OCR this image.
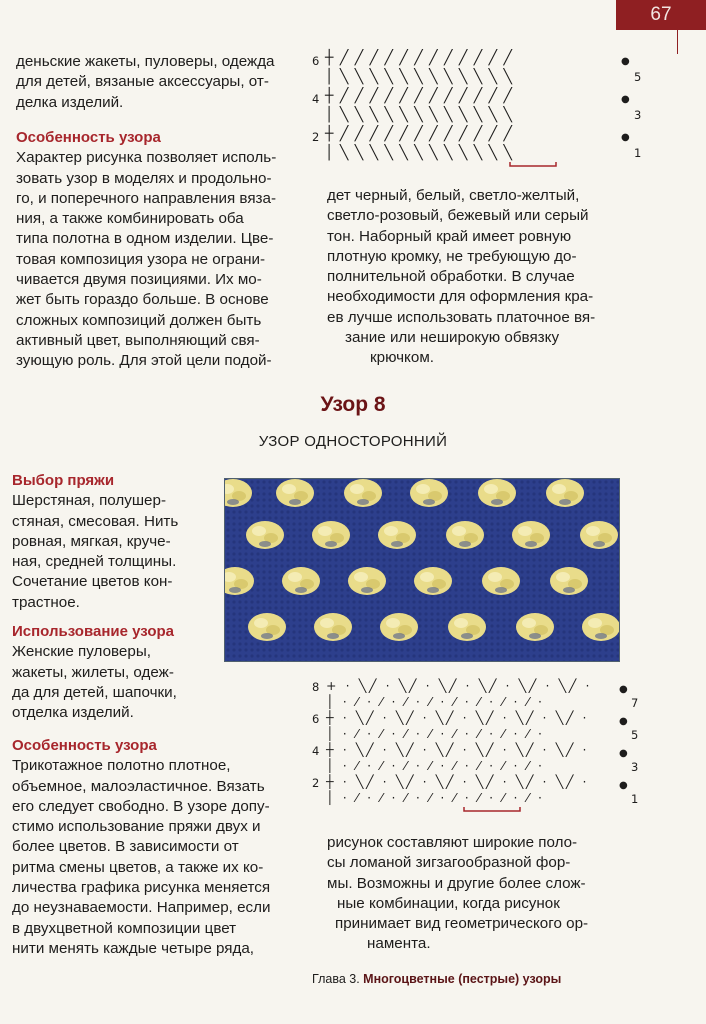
67

деньские жакеты, пуловеры, одежда

для детей, вязаные аксессуары, от-

делка изделий.

Особенность узора

Характер рисунка позволяет исполь-

зовать узор в моделях и продольно-

го, и поперечного направления вяза-

ния, а также комбинировать оба

типа полотна в одном изделии. Цве-

товая композиция узора не ограни-

чивается двумя позициями. Их мо-

жет быть гораздо больше. В основе

сложных композиций должен быть

активный цвет, выполняющий свя-

зующую роль. Для этой цели подой-

6
4
2
┼ ╱ ╱ ╱ ╱ ╱ ╱ ╱ ╱ ╱ ╱ ╱ ╱
│ ╲ ╲ ╲ ╲ ╲ ╲ ╲ ╲ ╲ ╲ ╲ ╲
┼ ╱ ╱ ╱ ╱ ╱ ╱ ╱ ╱ ╱ ╱ ╱ ╱
│ ╲ ╲ ╲ ╲ ╲ ╲ ╲ ╲ ╲ ╲ ╲ ╲
┼ ╱ ╱ ╱ ╱ ╱ ╱ ╱ ╱ ╱ ╱ ╱ ╱
│ ╲ ╲ ╲ ╲ ╲ ╲ ╲ ╲ ╲ ╲ ╲ ╲
●
●
●
5
3
1

дет черный, белый, светло-желтый,

светло-розовый, бежевый или серый

тон. Наборный край имеет ровную

плотную кромку, не требующую до-

полнительной обработки. В случае

необходимости для оформления кра-

ев лучше использовать платочное вя-

зание или неширокую обвязку

крючком.

Узор 8
УЗОР ОДНОСТОРОННИЙ

Выбор пряжи

Шерстяная, полушер-

стяная, смесовая. Нить

ровная, мягкая, круче-

ная, средней толщины.

Сочетание цветов кон-

трастное.

Использование узора

Женские пуловеры,

жакеты, жилеты, одеж-

да для детей, шапочки,

отделка изделий.

Особенность узора

Трикотажное полотно плотное,

объемное, малоэластичное. Вязать

его следует свободно. В узоре допу-

стимо использование пряжи двух и

более цветов. В зависимости от

ритма смены цветов, а также их ко-

личества графика рисунка меняется

до неузнаваемости. Например, если

в двухцветной композиции цвет

нити менять каждые четыре ряда,

8
6
4
2
+ · ╲╱ · ╲╱ · ╲╱ · ╲╱ · ╲╱ · ╲╱ ·
│ · ⁄ · ⁄ · ⁄ · ⁄ · ⁄ · ⁄ · ⁄ · ⁄ ·
┼ · ╲╱ · ╲╱ · ╲╱ · ╲╱ · ╲╱ · ╲╱ ·
│ · ⁄ · ⁄ · ⁄ · ⁄ · ⁄ · ⁄ · ⁄ · ⁄ ·
┼ · ╲╱ · ╲╱ · ╲╱ · ╲╱ · ╲╱ · ╲╱ ·
│ · ⁄ · ⁄ · ⁄ · ⁄ · ⁄ · ⁄ · ⁄ · ⁄ ·
┼ · ╲╱ · ╲╱ · ╲╱ · ╲╱ · ╲╱ · ╲╱ ·
│ · ⁄ · ⁄ · ⁄ · ⁄ · ⁄ · ⁄ · ⁄ · ⁄ ·
●
●
●
●
7
5
3
1

рисунок составляют широкие поло-

сы ломаной зигзагообразной фор-

мы. Возможны и другие более слож-

ные комбинации, когда рисунок

принимает вид геометрического ор-

намента.

Глава 3. Многоцветные (пестрые) узоры
